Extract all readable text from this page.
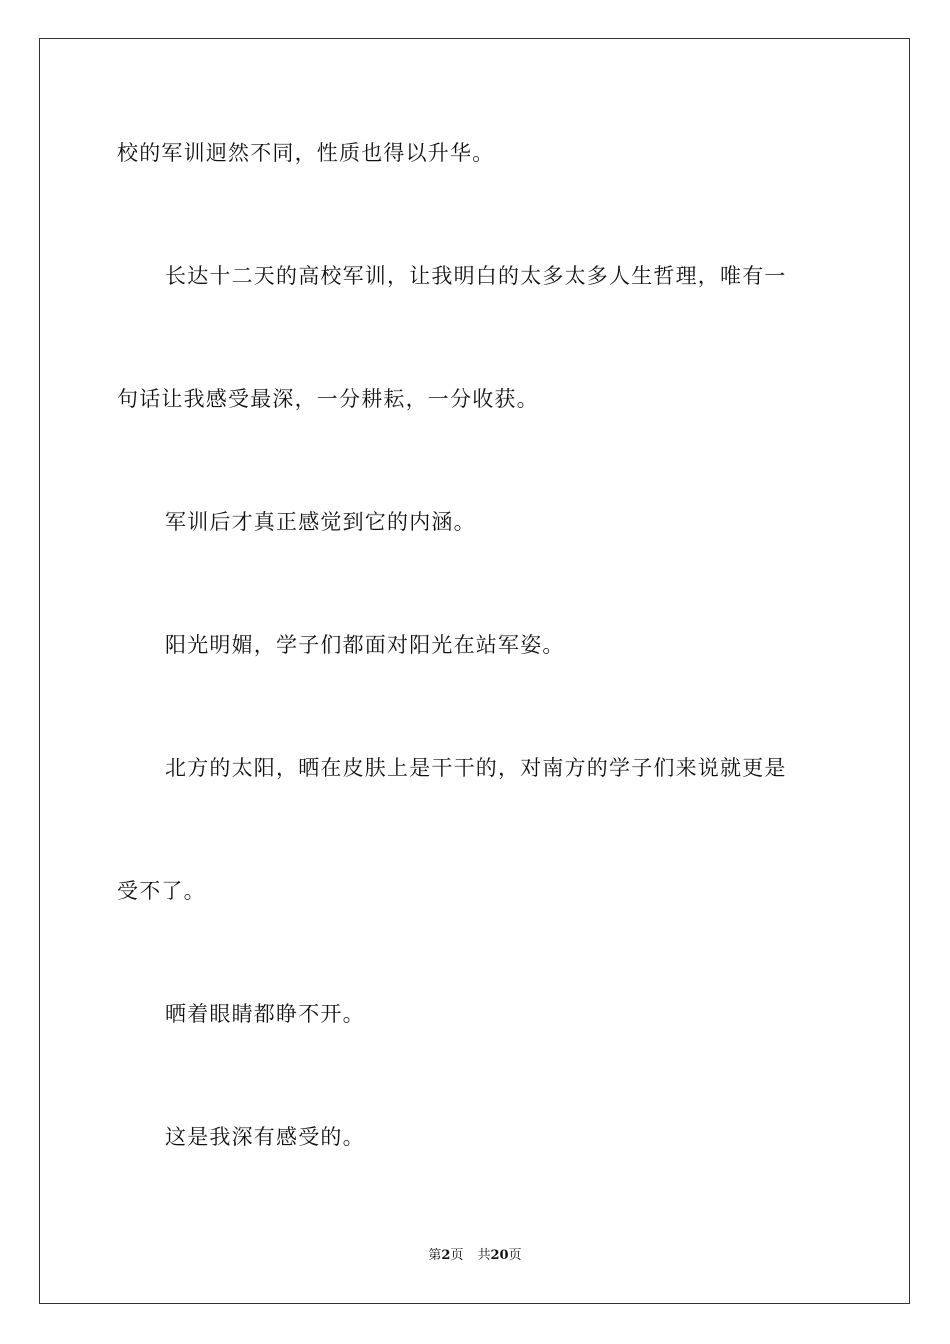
校的军训迥然不同，性质也得以升华。
长达十二天的高校军训，让我明白的太多太多人生哲理，唯有一
句话让我感受最深，一分耕耘，一分收获。
军训后才真正感觉到它的内涵。
阳光明媚，学子们都面对阳光在站军姿。
北方的太阳，晒在皮肤上是干干的，对南方的学子们来说就更是
受不了。
晒着眼睛都睁不开。
这是我深有感受的。
第2页 共20页
